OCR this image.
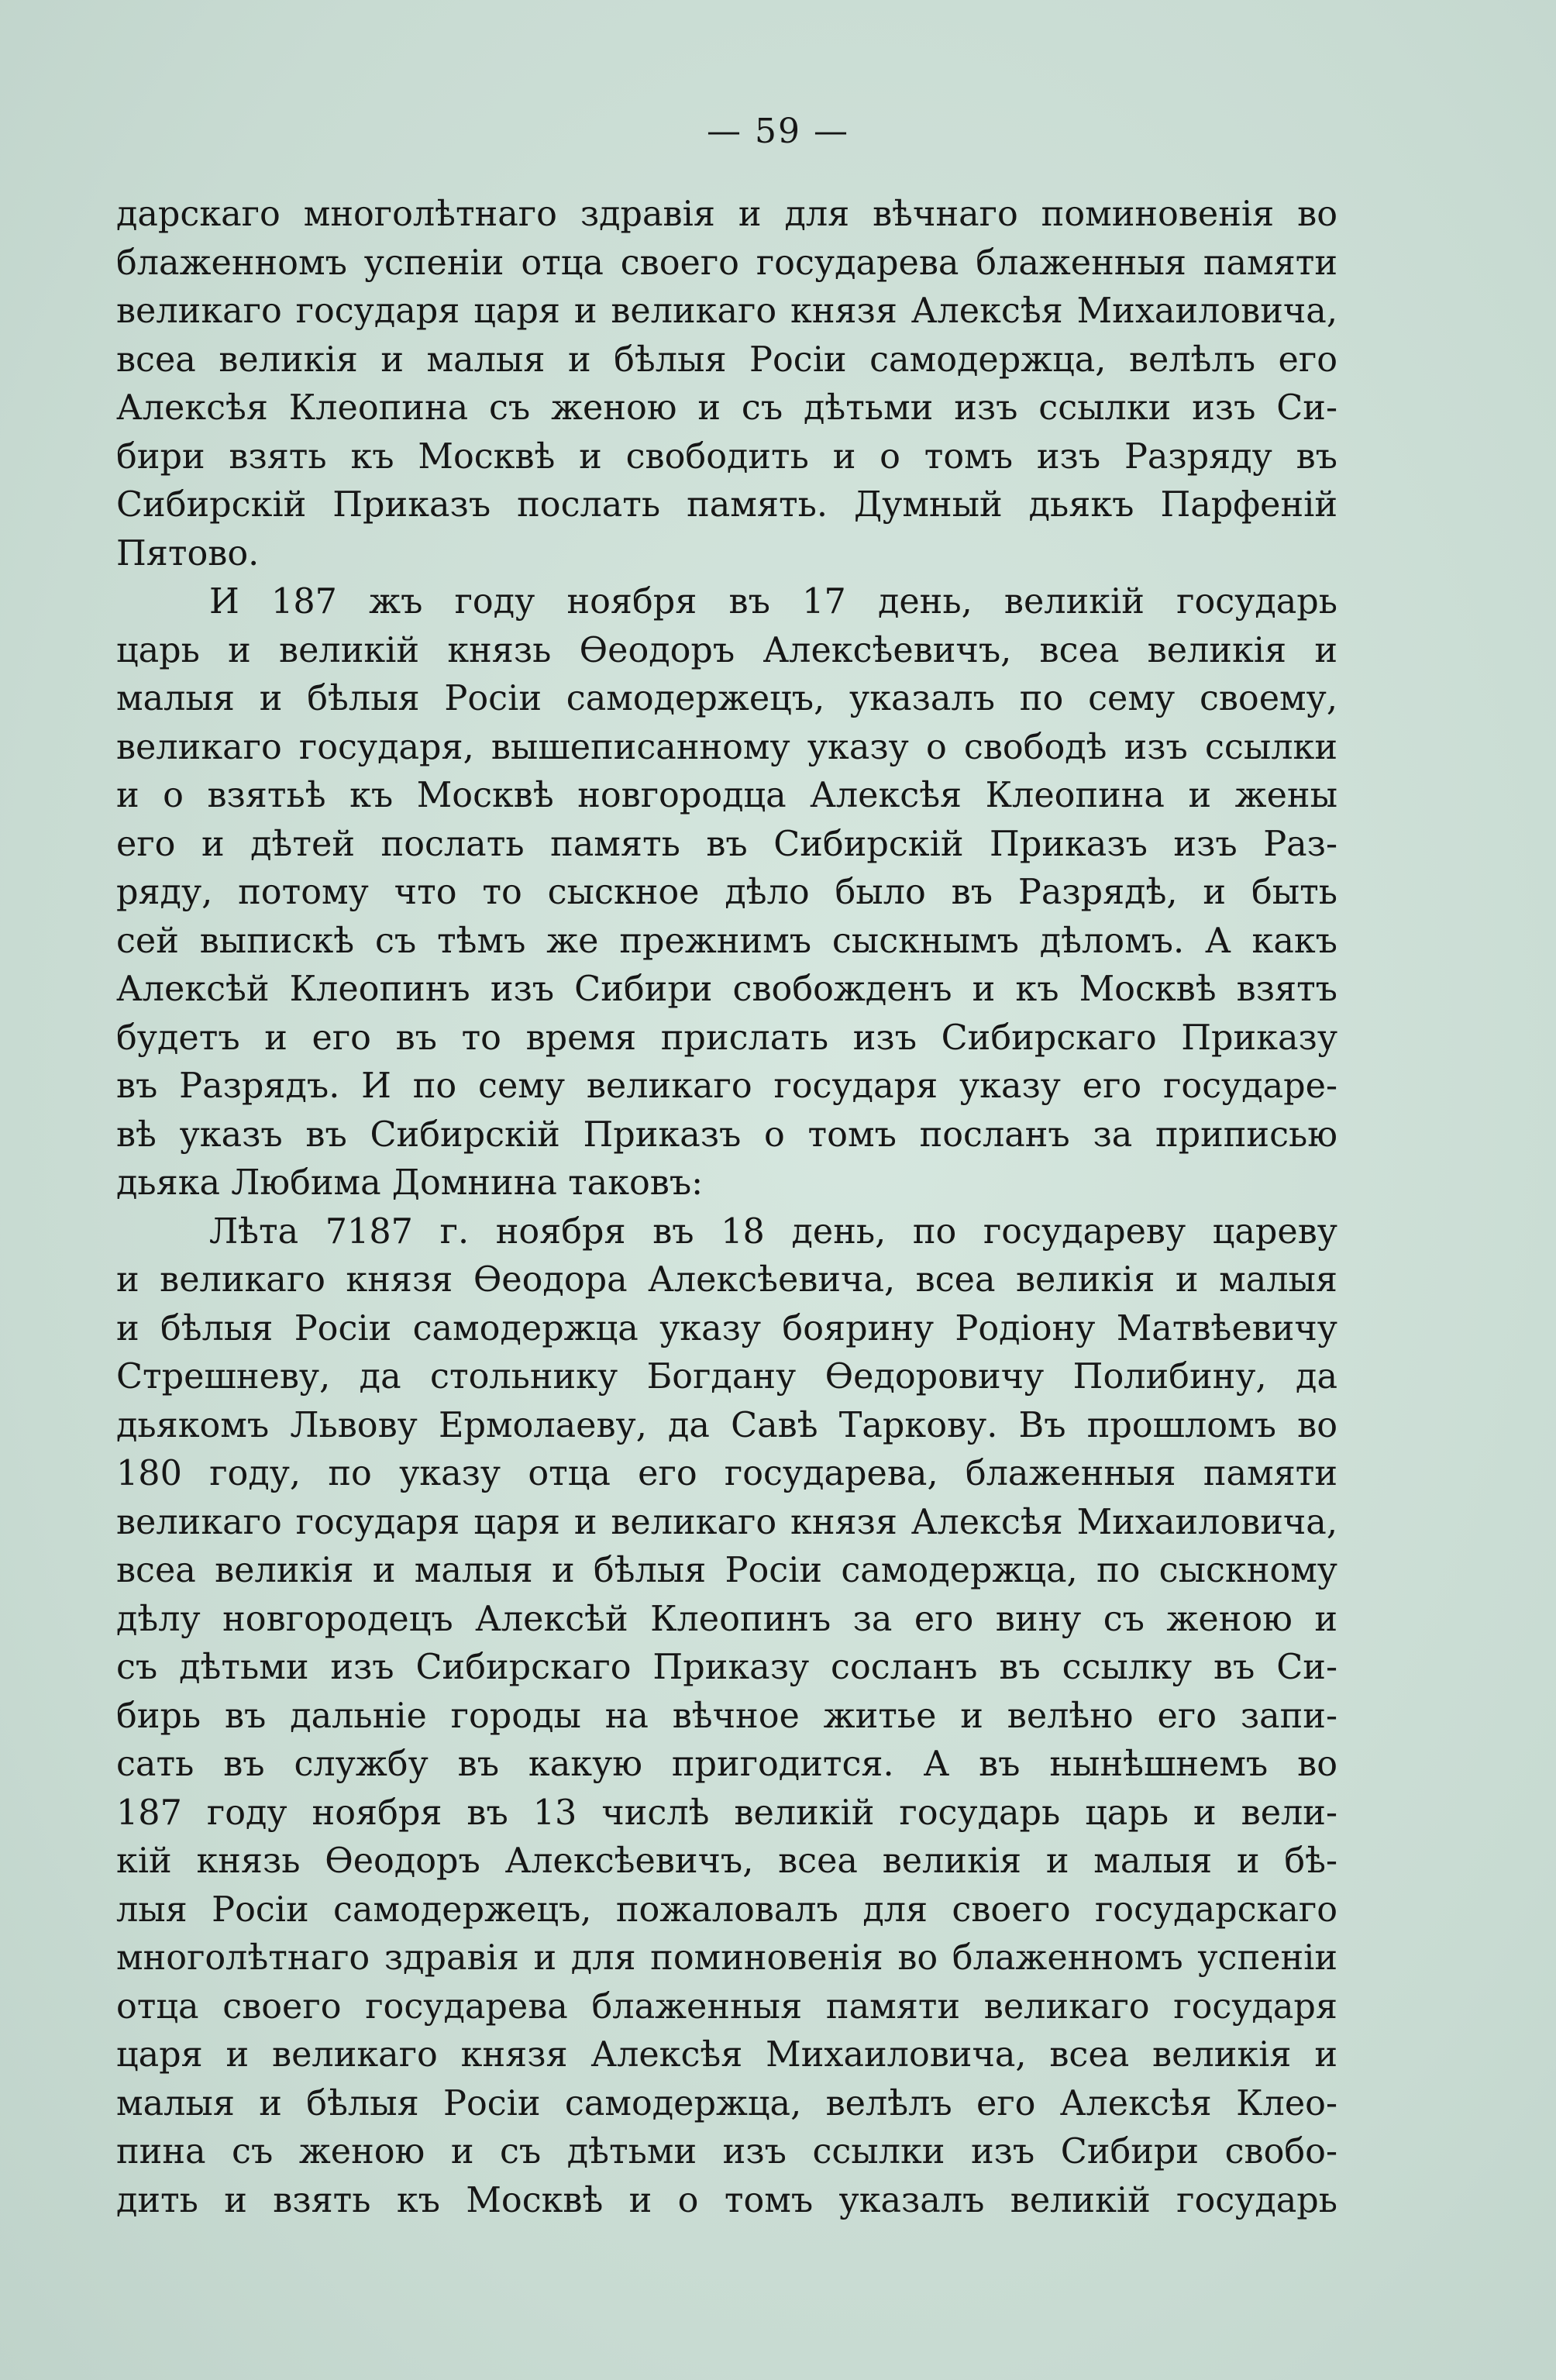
— 59 —
дарскаго многолѣтнаго здравія и для вѣчнаго поминовенія во
блаженномъ успеніи отца своего государева блаженныя памяти
великаго государя царя и великаго князя Алексѣя Михаиловича,
всеа великія и малыя и бѣлыя Росіи самодержца, велѣлъ его
Алексѣя Клеопина съ женою и съ дѣтьми изъ ссылки изъ Си-
бири взять къ Москвѣ и свободить и о томъ изъ Разряду въ
Сибирскій Приказъ послать память. Думный дьякъ Парфеній
Пятово.
И 187 жъ году ноября въ 17 день, великій государь
царь и великій князь Ѳеодоръ Алексѣевичъ, всеа великія и
малыя и бѣлыя Росіи самодержецъ, указалъ по сему своему,
великаго государя, вышеписанному указу о свободѣ изъ ссылки
и о взятьѣ къ Москвѣ новгородца Алексѣя Клеопина и жены
его и дѣтей послать память въ Сибирскій Приказъ изъ Раз-
ряду, потому что то сыскное дѣло было въ Разрядѣ, и быть
сей выпискѣ съ тѣмъ же прежнимъ сыскнымъ дѣломъ. А какъ
Алексѣй Клеопинъ изъ Сибири свобожденъ и къ Москвѣ взятъ
будетъ и его въ то время прислать изъ Сибирскаго Приказу
въ Разрядъ. И по сему великаго государя указу его государе-
вѣ указъ въ Сибирскій Приказъ о томъ посланъ за приписью
дьяка Любима Домнина таковъ:
Лѣта 7187 г. ноября въ 18 день, по государеву цареву
и великаго князя Ѳеодора Алексѣевича, всеа великія и малыя
и бѣлыя Росіи самодержца указу боярину Родіону Матвѣевичу
Стрешневу, да стольнику Богдану Ѳедоровичу Полибину, да
дьякомъ Львову Ермолаеву, да Савѣ Таркову. Въ прошломъ во
180 году, по указу отца его государева, блаженныя памяти
великаго государя царя и великаго князя Алексѣя Михаиловича,
всеа великія и малыя и бѣлыя Росіи самодержца, по сыскному
дѣлу новгородецъ Алексѣй Клеопинъ за его вину съ женою и
съ дѣтьми изъ Сибирскаго Приказу сосланъ въ ссылку въ Си-
бирь въ дальніе городы на вѣчное житье и велѣно его запи-
сать въ службу въ какую пригодится. А въ нынѣшнемъ во
187 году ноября въ 13 числѣ великій государь царь и вели-
кій князь Ѳеодоръ Алексѣевичъ, всеа великія и малыя и бѣ-
лыя Росіи самодержецъ, пожаловалъ для своего государскаго
многолѣтнаго здравія и для поминовенія во блаженномъ успеніи
отца своего государева блаженныя памяти великаго государя
царя и великаго князя Алексѣя Михаиловича, всеа великія и
малыя и бѣлыя Росіи самодержца, велѣлъ его Алексѣя Клео-
пина съ женою и съ дѣтьми изъ ссылки изъ Сибири свобо-
дить и взять къ Москвѣ и о томъ указалъ великій государь
